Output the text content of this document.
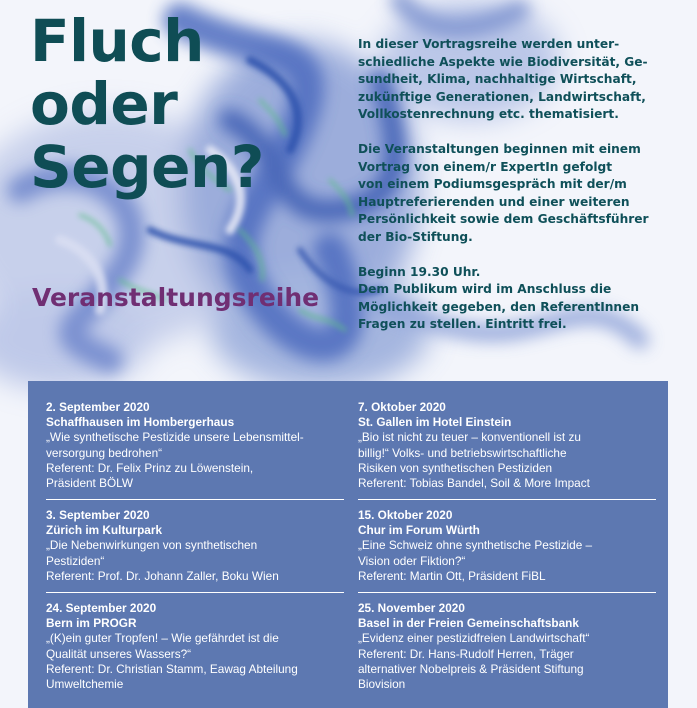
Fluch
oder
Segen?
Veranstaltungsreihe

In dieser Vortragsreihe werden unter-
schiedliche Aspekte wie Biodiversität, Ge-
sundheit, Klima, nachhaltige Wirtschaft,
zukünftige Generationen, Landwirtschaft,
Vollkostenrechnung etc. thematisiert.

Die Veranstaltungen beginnen mit einem
Vortrag von einem/r ExpertIn gefolgt
von einem Podiumsgespräch mit der/m
Hauptreferierenden und einer weiteren
Persönlichkeit sowie dem Geschäftsführer
der Bio-Stiftung.

Beginn 19.30 Uhr.
Dem Publikum wird im Anschluss die
Möglichkeit gegeben, den ReferentInnen
Fragen zu stellen. Eintritt frei.

2. September 2020
Schaffhausen im Hombergerhaus
„Wie synthetische Pestizide unsere Lebensmittel-
versorgung bedrohen“
Referent: Dr. Felix Prinz zu Löwenstein,
Präsident BÖLW
3. September 2020
Zürich im Kulturpark
„Die Nebenwirkungen von synthetischen
Pestiziden“
Referent: Prof. Dr. Johann Zaller, Boku Wien
24. September 2020
Bern im PROGR
„(K)ein guter Tropfen! – Wie gefährdet ist die
Qualität unseres Wassers?“
Referent: Dr. Christian Stamm, Eawag Abteilung
Umweltchemie
7. Oktober 2020
St. Gallen im Hotel Einstein
„Bio ist nicht zu teuer – konventionell ist zu
billig!“ Volks- und betriebswirtschaftliche
Risiken von synthetischen Pestiziden
Referent: Tobias Bandel, Soil & More Impact
15. Oktober 2020
Chur im Forum Würth
„Eine Schweiz ohne synthetische Pestizide –
Vision oder Fiktion?“
Referent: Martin Ott, Präsident FiBL
25. November 2020
Basel in der Freien Gemeinschaftsbank
„Evidenz einer pestizidfreien Landwirtschaft“
Referent: Dr. Hans-Rudolf Herren, Träger
alternativer Nobelpreis & Präsident Stiftung
Biovision
